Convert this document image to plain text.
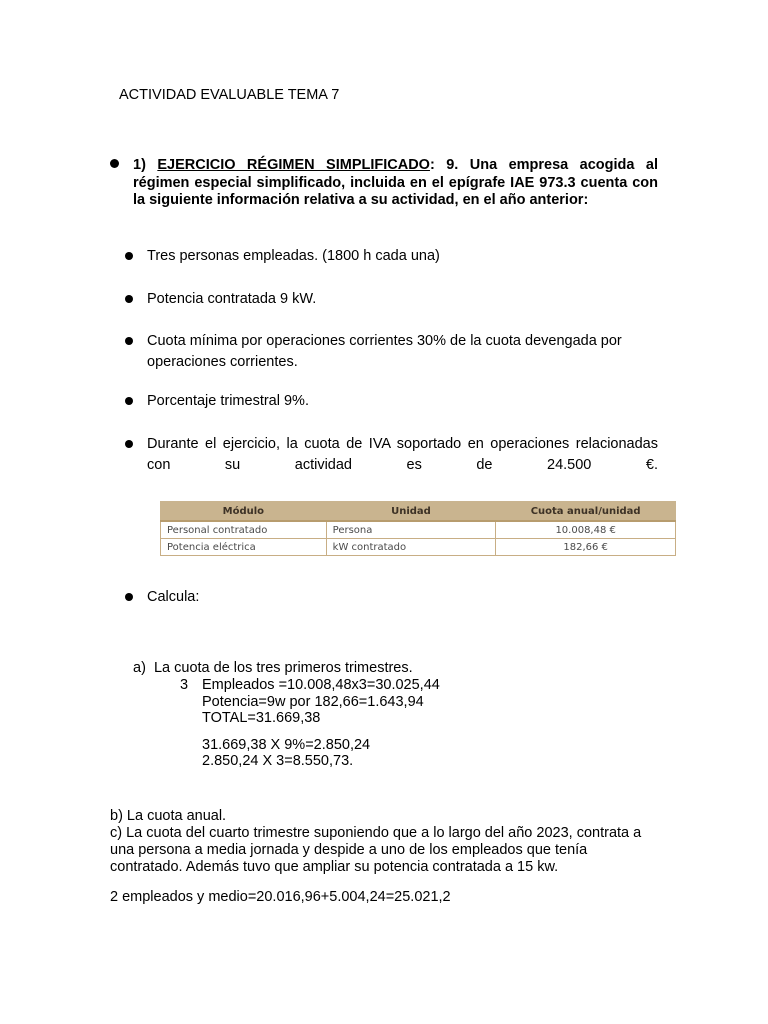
ACTIVIDAD EVALUABLE TEMA 7
1) EJERCICIO RÉGIMEN SIMPLIFICADO: 9. Una empresa acogida al régimen especial simplificado, incluida en el epígrafe IAE 973.3 cuenta con la siguiente información relativa a su actividad, en el año anterior:
Tres personas empleadas. (1800 h cada una)
Potencia contratada 9 kW.
Cuota mínima por operaciones corrientes 30% de la cuota devengada por operaciones corrientes.
Porcentaje trimestral 9%.
Durante el ejercicio, la cuota de IVA soportado en operaciones relacionadas con su actividad es de 24.500 €.
Calcula:
Módulo	Unidad	Cuota anual/unidad
Personal contratado	Persona	10.008,48 €
Potencia eléctrica	kW contratado	182,66 €
a) La cuota de los tres primeros trimestres.
3 Empleados =10.008,48x3=30.025,44
Potencia=9w por 182,66=1.643,94
TOTAL=31.669,38
31.669,38 X 9%=2.850,24
2.850,24 X 3=8.550,73.

b) La cuota anual.

c) La cuota del cuarto trimestre suponiendo que a lo largo del año 2023, contrata a una persona a media jornada y despide a uno de los empleados que tenía contratado. Además tuvo que ampliar su potencia contratada a 15 kw.

2 empleados y medio=20.016,96+5.004,24=25.021,2
